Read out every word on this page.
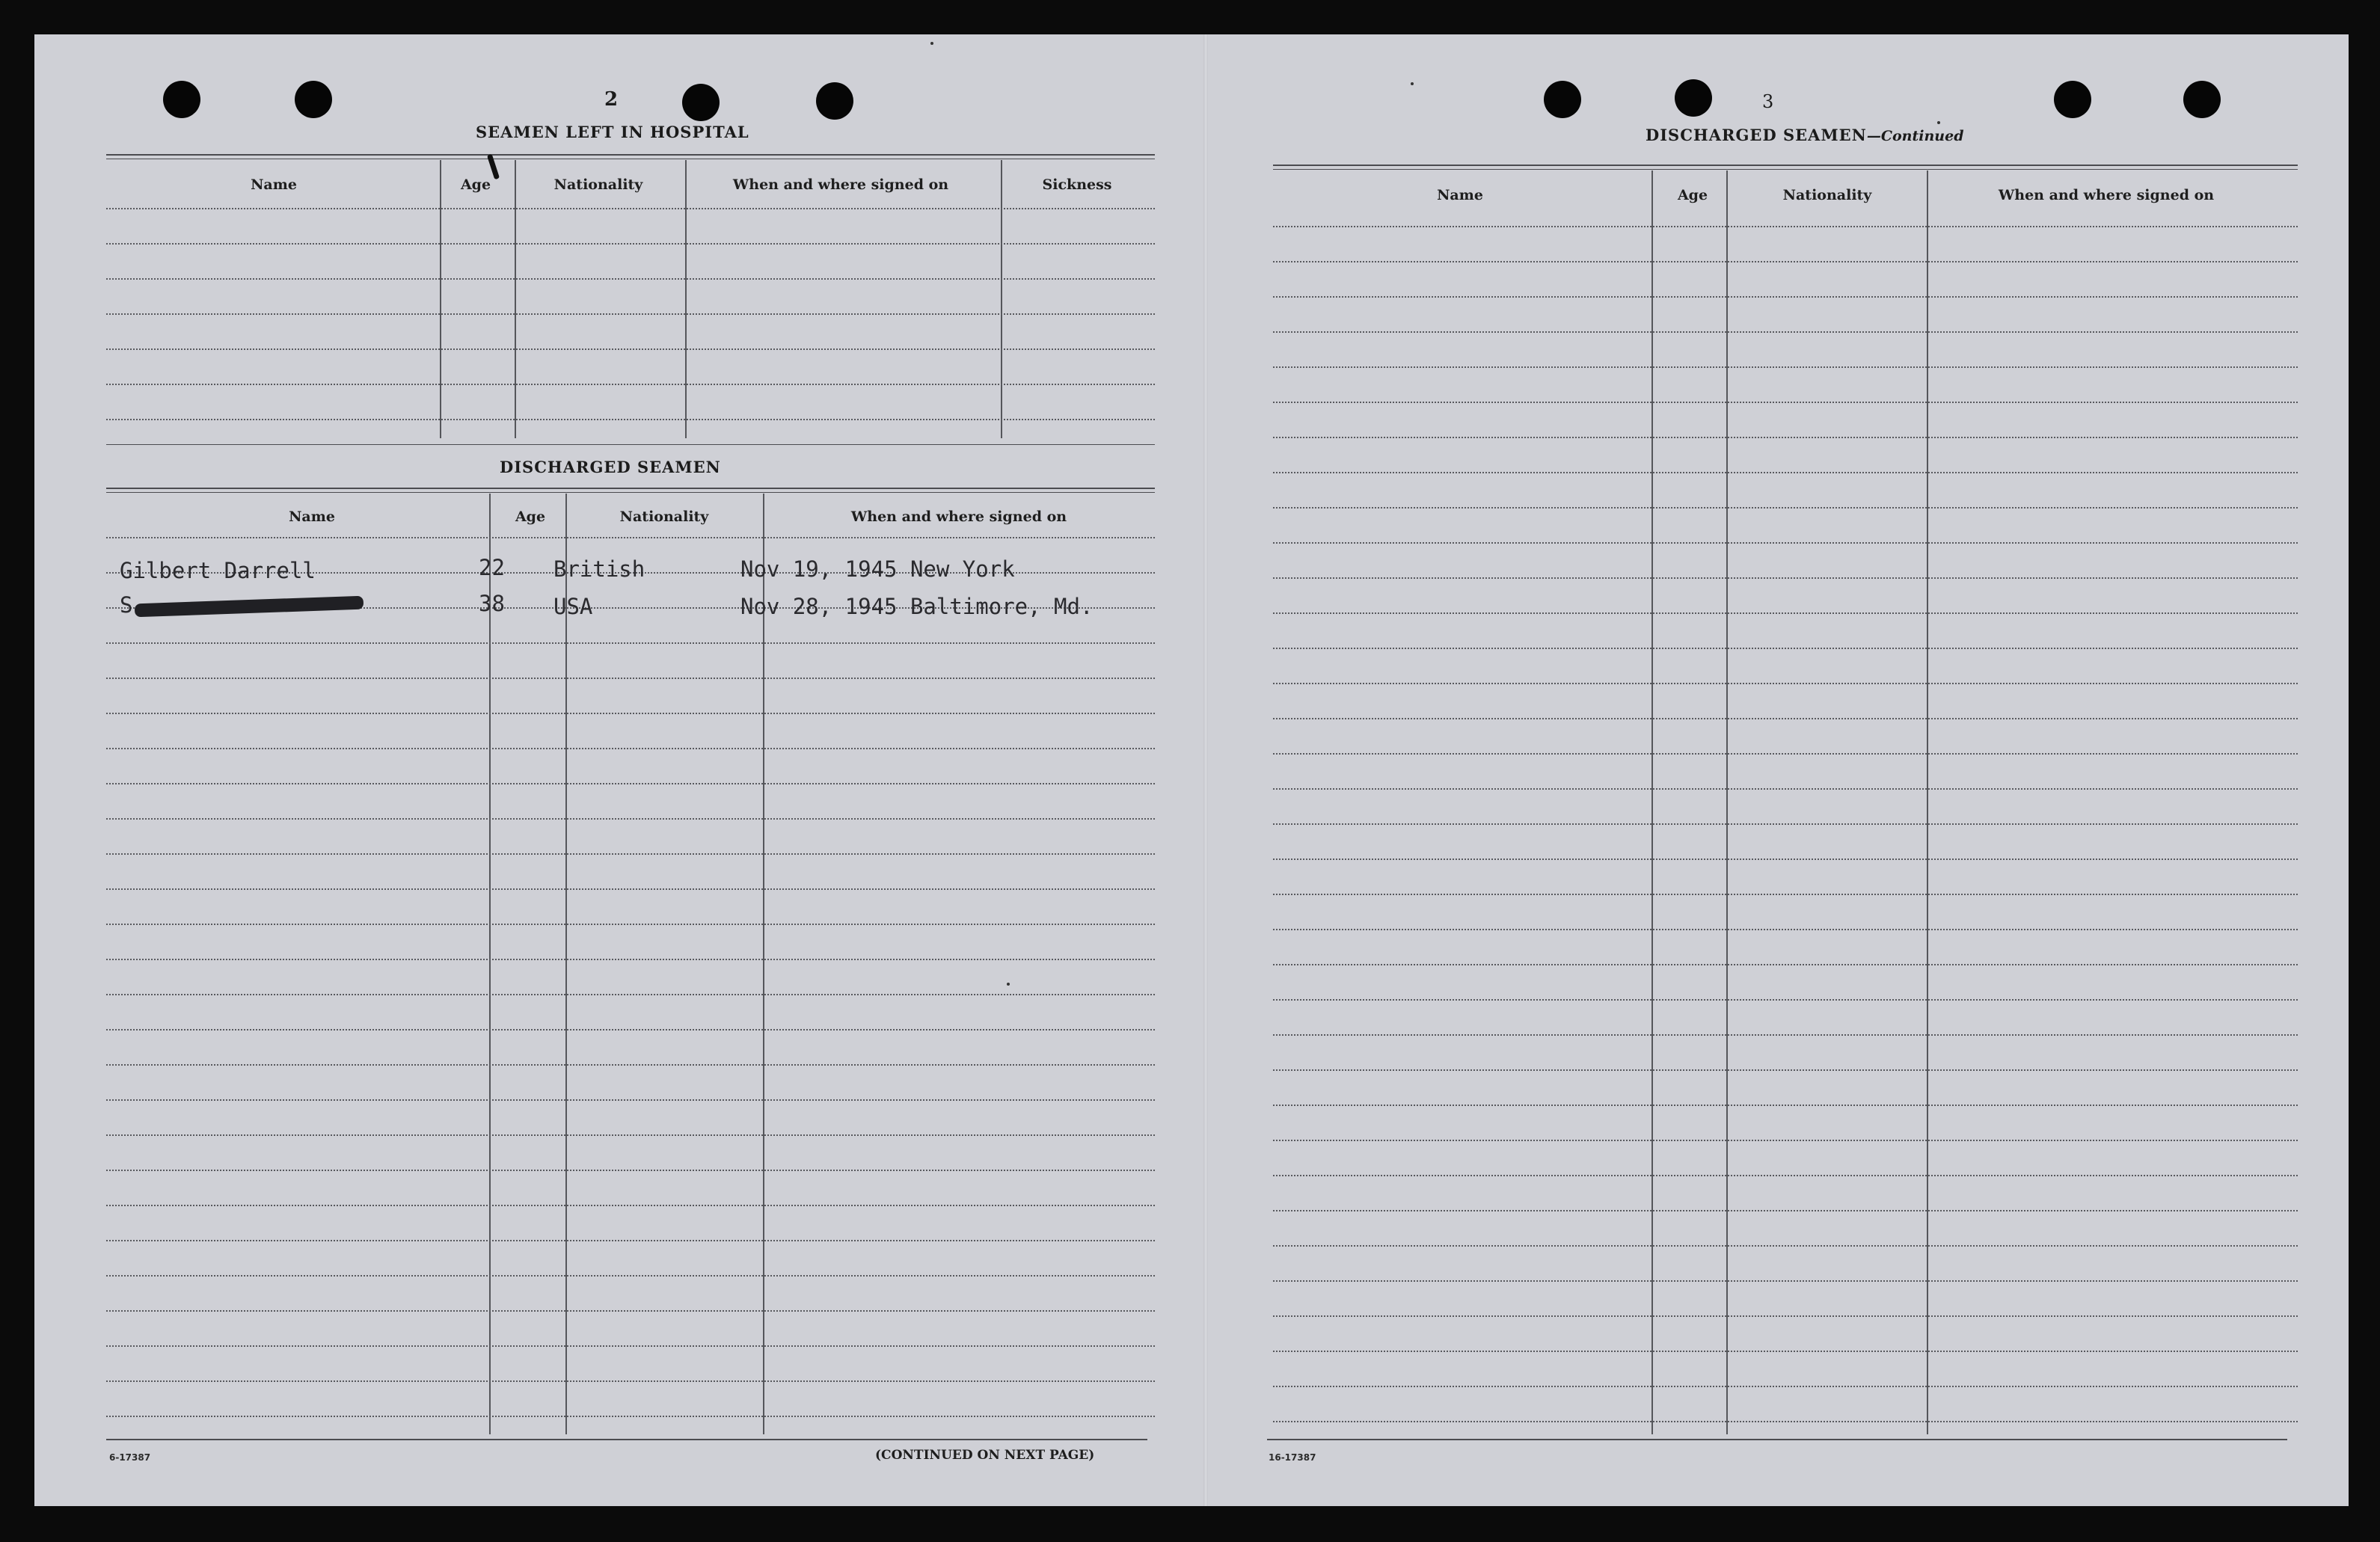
2
SEAMEN LEFT IN HOSPITAL
Name	Age	Nationality	When and where signed on	Sickness
DISCHARGED SEAMEN
Name	Age	Nationality	When and where signed on
Gilbert Darrell	22 British	Nov 19, 1945 New York
S	38 USA	Nov 28, 1945 Baltimore, Md.
6-17387	(CONTINUED ON NEXT PAGE)
3
DISCHARGED SEAMEN—Continued
Name	Age	Nationality	When and where signed on
16-17387
